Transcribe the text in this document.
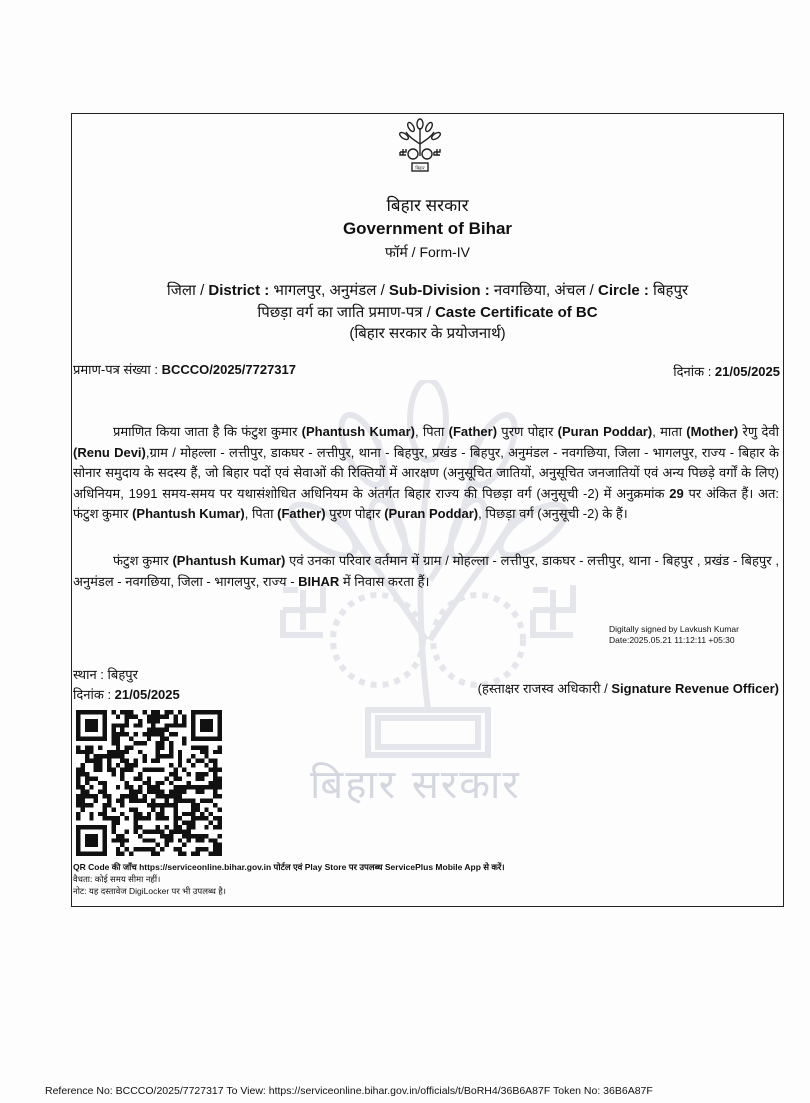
बिहार सरकार
बिहार
बिहार सरकार
Government of Bihar
फॉर्म / Form-IV
जिला / District : भागलपुर, अनुमंडल / Sub-Division : नवगछिया, अंचल / Circle : बिहपुर
पिछड़ा वर्ग का जाति प्रमाण-पत्र / Caste Certificate of BC
(बिहार सरकार के प्रयोजनार्थ)
प्रमाण-पत्र संख्या : BCCCO/2025/7727317	दिनांक : 21/05/2025
प्रमाणित किया जाता है कि फंटुश कुमार (Phantush Kumar), पिता (Father) पुरण पोद्दार (Puran Poddar), माता (Mother) रेणु देवी (Renu Devi),ग्राम / मोहल्ला - लत्तीपुर, डाकघर - लत्तीपुर, थाना - बिहपुर, प्रखंड - बिहपुर, अनुमंडल - नवगछिया, जिला - भागलपुर, राज्य - बिहार के सोनार समुदाय के सदस्य हैं, जो बिहार पदों एवं सेवाओं की रिक्तियों में आरक्षण (अनुसूचित जातियों, अनुसूचित जनजातियों एवं अन्य पिछड़े वर्गों के लिए) अधिनियम, 1991 समय-समय पर यथासंशोधित अधिनियम के अंतर्गत बिहार राज्य की पिछड़ा वर्ग (अनुसूची -2) में अनुक्रमांक 29 पर अंकित हैं। अत: फंटुश कुमार (Phantush Kumar), पिता (Father) पुरण पोद्दार (Puran Poddar), पिछड़ा वर्ग (अनुसूची -2) के हैं।
फंटुश कुमार (Phantush Kumar) एवं उनका परिवार वर्तमान में ग्राम / मोहल्ला - लत्तीपुर, डाकघर - लत्तीपुर, थाना - बिहपुर , प्रखंड - बिहपुर , अनुमंडल - नवगछिया, जिला - भागलपुर, राज्य - BIHAR में निवास करता हैं।
Digitally signed by Lavkush Kumar
Date:2025.05.21 11:12:11 +05:30
स्थान : बिहपुर
दिनांक : 21/05/2025	(हस्ताक्षर राजस्व अधिकारी / Signature Revenue Officer)
QR Code की जाँच https://serviceonline.bihar.gov.in पोर्टल एवं Play Store पर उपलब्ध ServicePlus Mobile App से करें।
वैधता: कोई समय सीमा नहीं।
नोट: यह दस्तावेज DigiLocker पर भी उपलब्ध है।
Reference No: BCCCO/2025/7727317 To View: https://serviceonline.bihar.gov.in/officials/t/BoRH4/36B6A87F Token No: 36B6A87F
